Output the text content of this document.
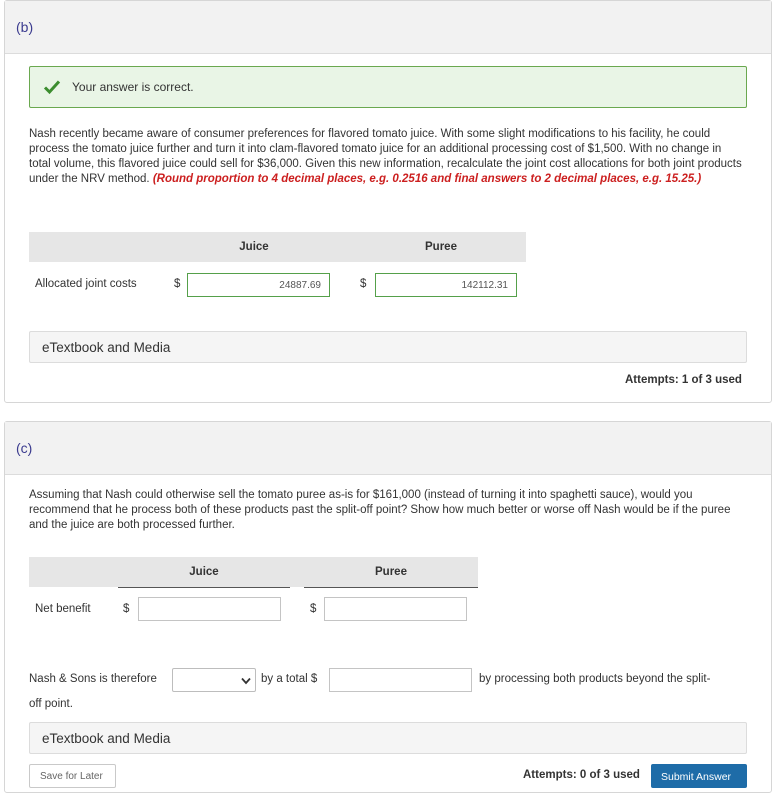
(b)
Your answer is correct.
Nash recently became aware of consumer preferences for flavored tomato juice. With some slight modifications to his facility, he could process the tomato juice further and turn it into clam-flavored tomato juice for an additional processing cost of $1,500. With no change in total volume, this flavored juice could sell for $36,000. Given this new information, recalculate the joint cost allocations for both joint products under the NRV method. (Round proportion to 4 decimal places, e.g. 0.2516 and final answers to 2 decimal places, e.g. 15.25.)
Juice	Puree
Allocated joint costs	$	24887.69	$	142112.31
eTextbook and Media
Attempts: 1 of 3 used
(c)
Assuming that Nash could otherwise sell the tomato puree as-is for $161,000 (instead of turning it into spaghetti sauce), would you recommend that he process both of these products past the split-off point? Show how much better or worse off Nash would be if the puree and the juice are both processed further.
Juice	Puree
Net benefit	$	$
Nash & Sons is therefore	by a total $	by processing both products beyond the split-
off point.
eTextbook and Media
Save for Later	Attempts: 0 of 3 used	Submit Answer
